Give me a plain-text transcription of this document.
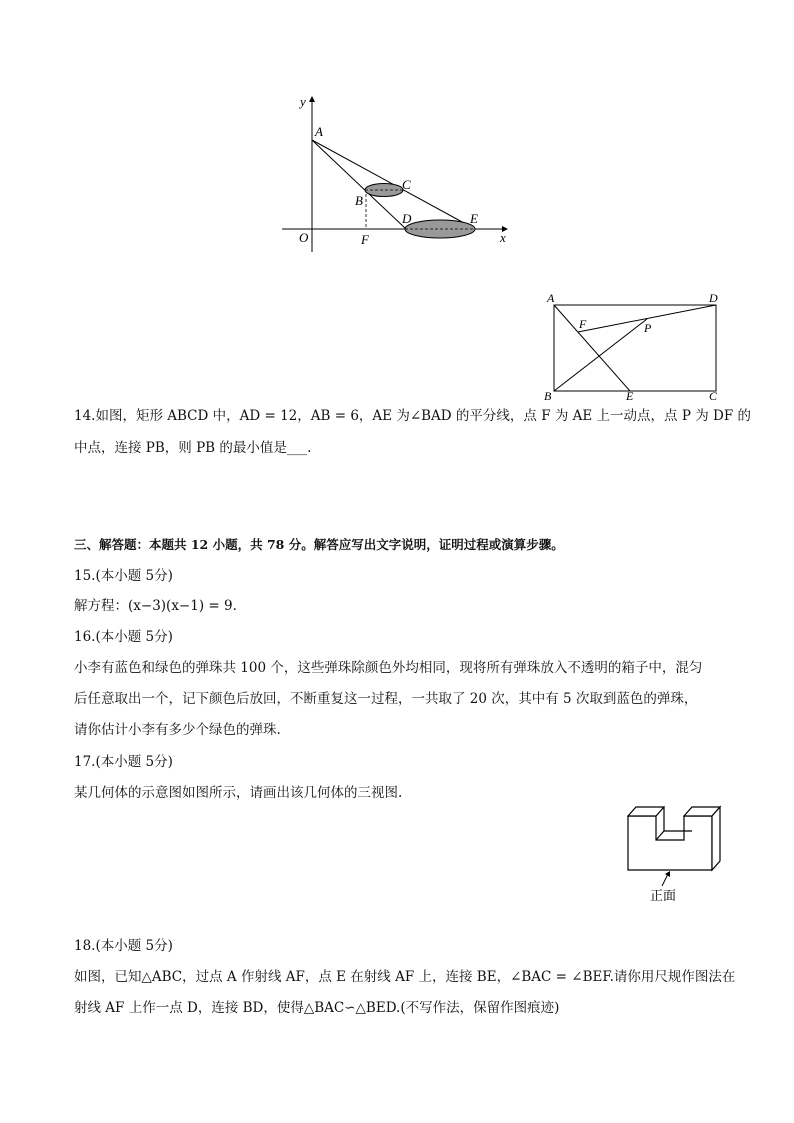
y
x
O
A
B
C
D	E
F
A	D
F	P
B	E	C
14.如图，矩形 ABCD 中，AD = 12，AB = 6，AE 为∠BAD 的平分线，点 F 为 AE 上一动点，点 P 为 DF 的
中点，连接 PB，则 PB 的最小值是___.
三、解答题：本题共 12 小题，共 78 分。解答应写出文字说明，证明过程或演算步骤。
15.(本小题 5分)
解方程：(x−3)(x−1) = 9.
16.(本小题 5分)
小李有蓝色和绿色的弹珠共 100 个，这些弹珠除颜色外均相同，现将所有弹珠放入不透明的箱子中，混匀
后任意取出一个，记下颜色后放回，不断重复这一过程，一共取了 20 次，其中有 5 次取到蓝色的弹珠，
请你估计小李有多少个绿色的弹珠.
17.(本小题 5分)
某几何体的示意图如图所示，请画出该几何体的三视图.
正面
18.(本小题 5分)
如图，已知△ABC，过点 A 作射线 AF，点 E 在射线 AF 上，连接 BE，∠BAC = ∠BEF.请你用尺规作图法在
射线 AF 上作一点 D，连接 BD，使得△BAC∽△BED.(不写作法，保留作图痕迹)
